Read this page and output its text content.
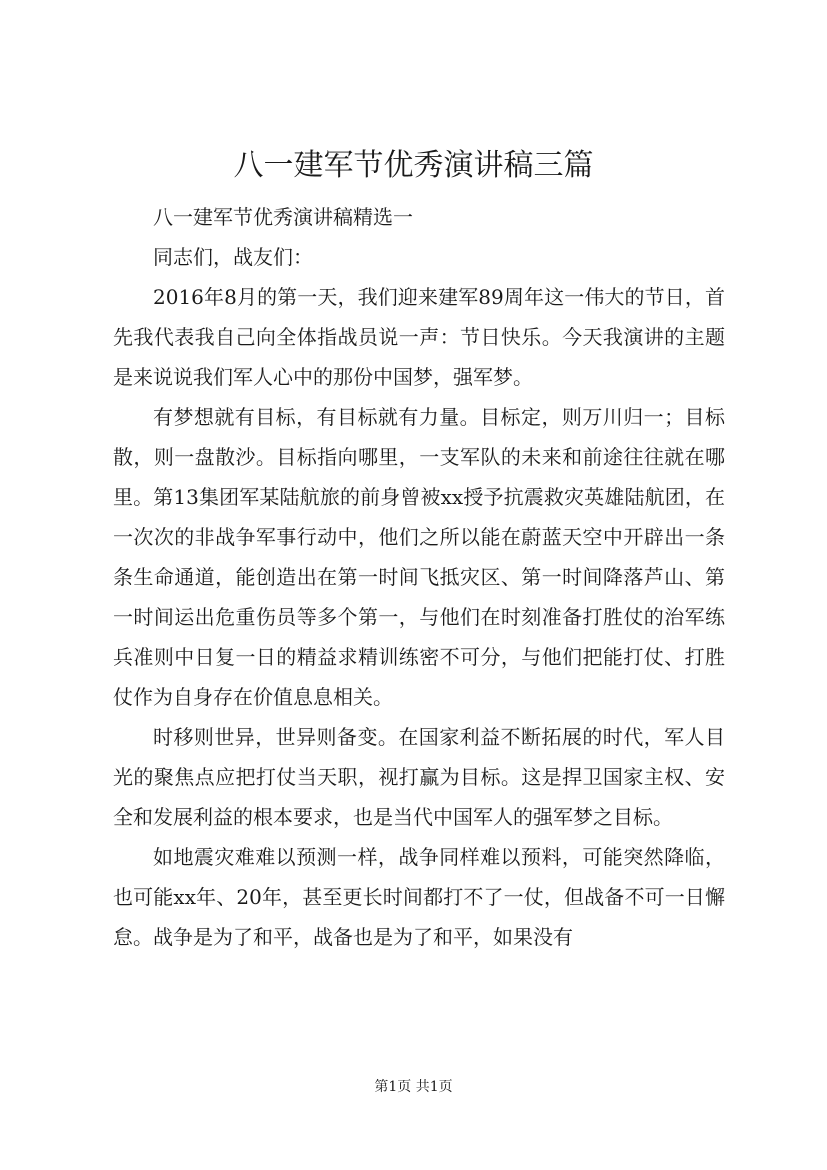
八一建军节优秀演讲稿三篇

八一建军节优秀演讲稿精选一

同志们，战友们：

2016年8月的第一天，我们迎来建军89周年这一伟大的节日，首先我代表我自己向全体指战员说一声：节日快乐。今天我演讲的主题是来说说我们军人心中的那份中国梦，强军梦。

有梦想就有目标，有目标就有力量。目标定，则万川归一；目标散，则一盘散沙。目标指向哪里，一支军队的未来和前途往往就在哪里。第13集团军某陆航旅的前身曾被xx授予抗震救灾英雄陆航团，在一次次的非战争军事行动中，他们之所以能在蔚蓝天空中开辟出一条条生命通道，能创造出在第一时间飞抵灾区、第一时间降落芦山、第一时间运出危重伤员等多个第一，与他们在时刻准备打胜仗的治军练兵准则中日复一日的精益求精训练密不可分，与他们把能打仗、打胜仗作为自身存在价值息息相关。

时移则世异，世异则备变。在国家利益不断拓展的时代，军人目光的聚焦点应把打仗当天职，视打赢为目标。这是捍卫国家主权、安全和发展利益的根本要求，也是当代中国军人的强军梦之目标。

如地震灾难难以预测一样，战争同样难以预料，可能突然降临，也可能xx年、20年，甚至更长时间都打不了一仗，但战备不可一日懈怠。战争是为了和平，战备也是为了和平，如果没有

第1页 共1页
